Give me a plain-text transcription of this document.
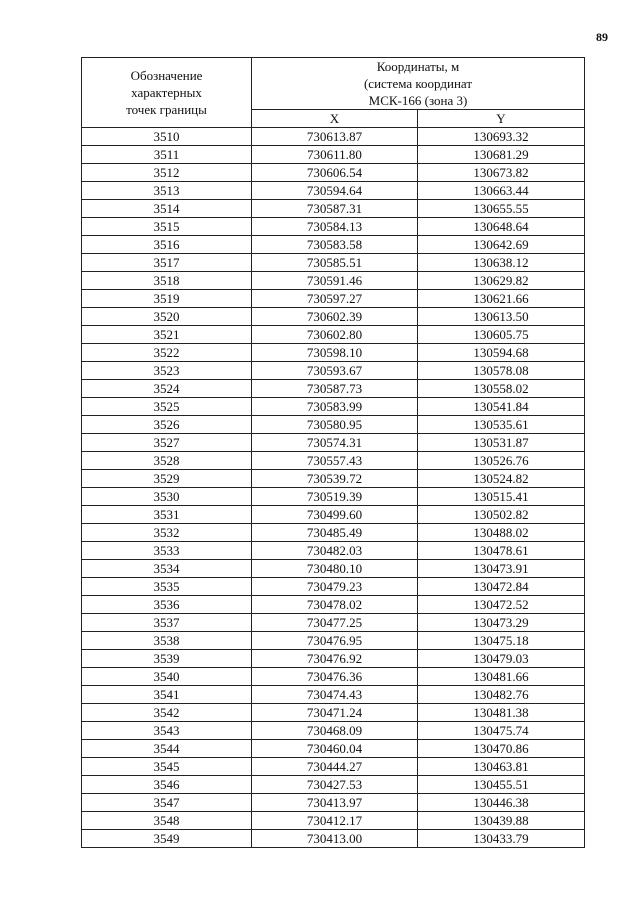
89
Обозначение
характерных
точек границы	Координаты, м
(система координат
МСК-166 (зона 3)	

	X	Y
3510	730613.87	130693.32
3511	730611.80	130681.29
3512	730606.54	130673.82
3513	730594.64	130663.44
3514	730587.31	130655.55
3515	730584.13	130648.64
3516	730583.58	130642.69
3517	730585.51	130638.12
3518	730591.46	130629.82
3519	730597.27	130621.66
3520	730602.39	130613.50
3521	730602.80	130605.75
3522	730598.10	130594.68
3523	730593.67	130578.08
3524	730587.73	130558.02
3525	730583.99	130541.84
3526	730580.95	130535.61
3527	730574.31	130531.87
3528	730557.43	130526.76
3529	730539.72	130524.82
3530	730519.39	130515.41
3531	730499.60	130502.82
3532	730485.49	130488.02
3533	730482.03	130478.61
3534	730480.10	130473.91
3535	730479.23	130472.84
3536	730478.02	130472.52
3537	730477.25	130473.29
3538	730476.95	130475.18
3539	730476.92	130479.03
3540	730476.36	130481.66
3541	730474.43	130482.76
3542	730471.24	130481.38
3543	730468.09	130475.74
3544	730460.04	130470.86
3545	730444.27	130463.81
3546	730427.53	130455.51
3547	730413.97	130446.38
3548	730412.17	130439.88
3549	730413.00	130433.79
